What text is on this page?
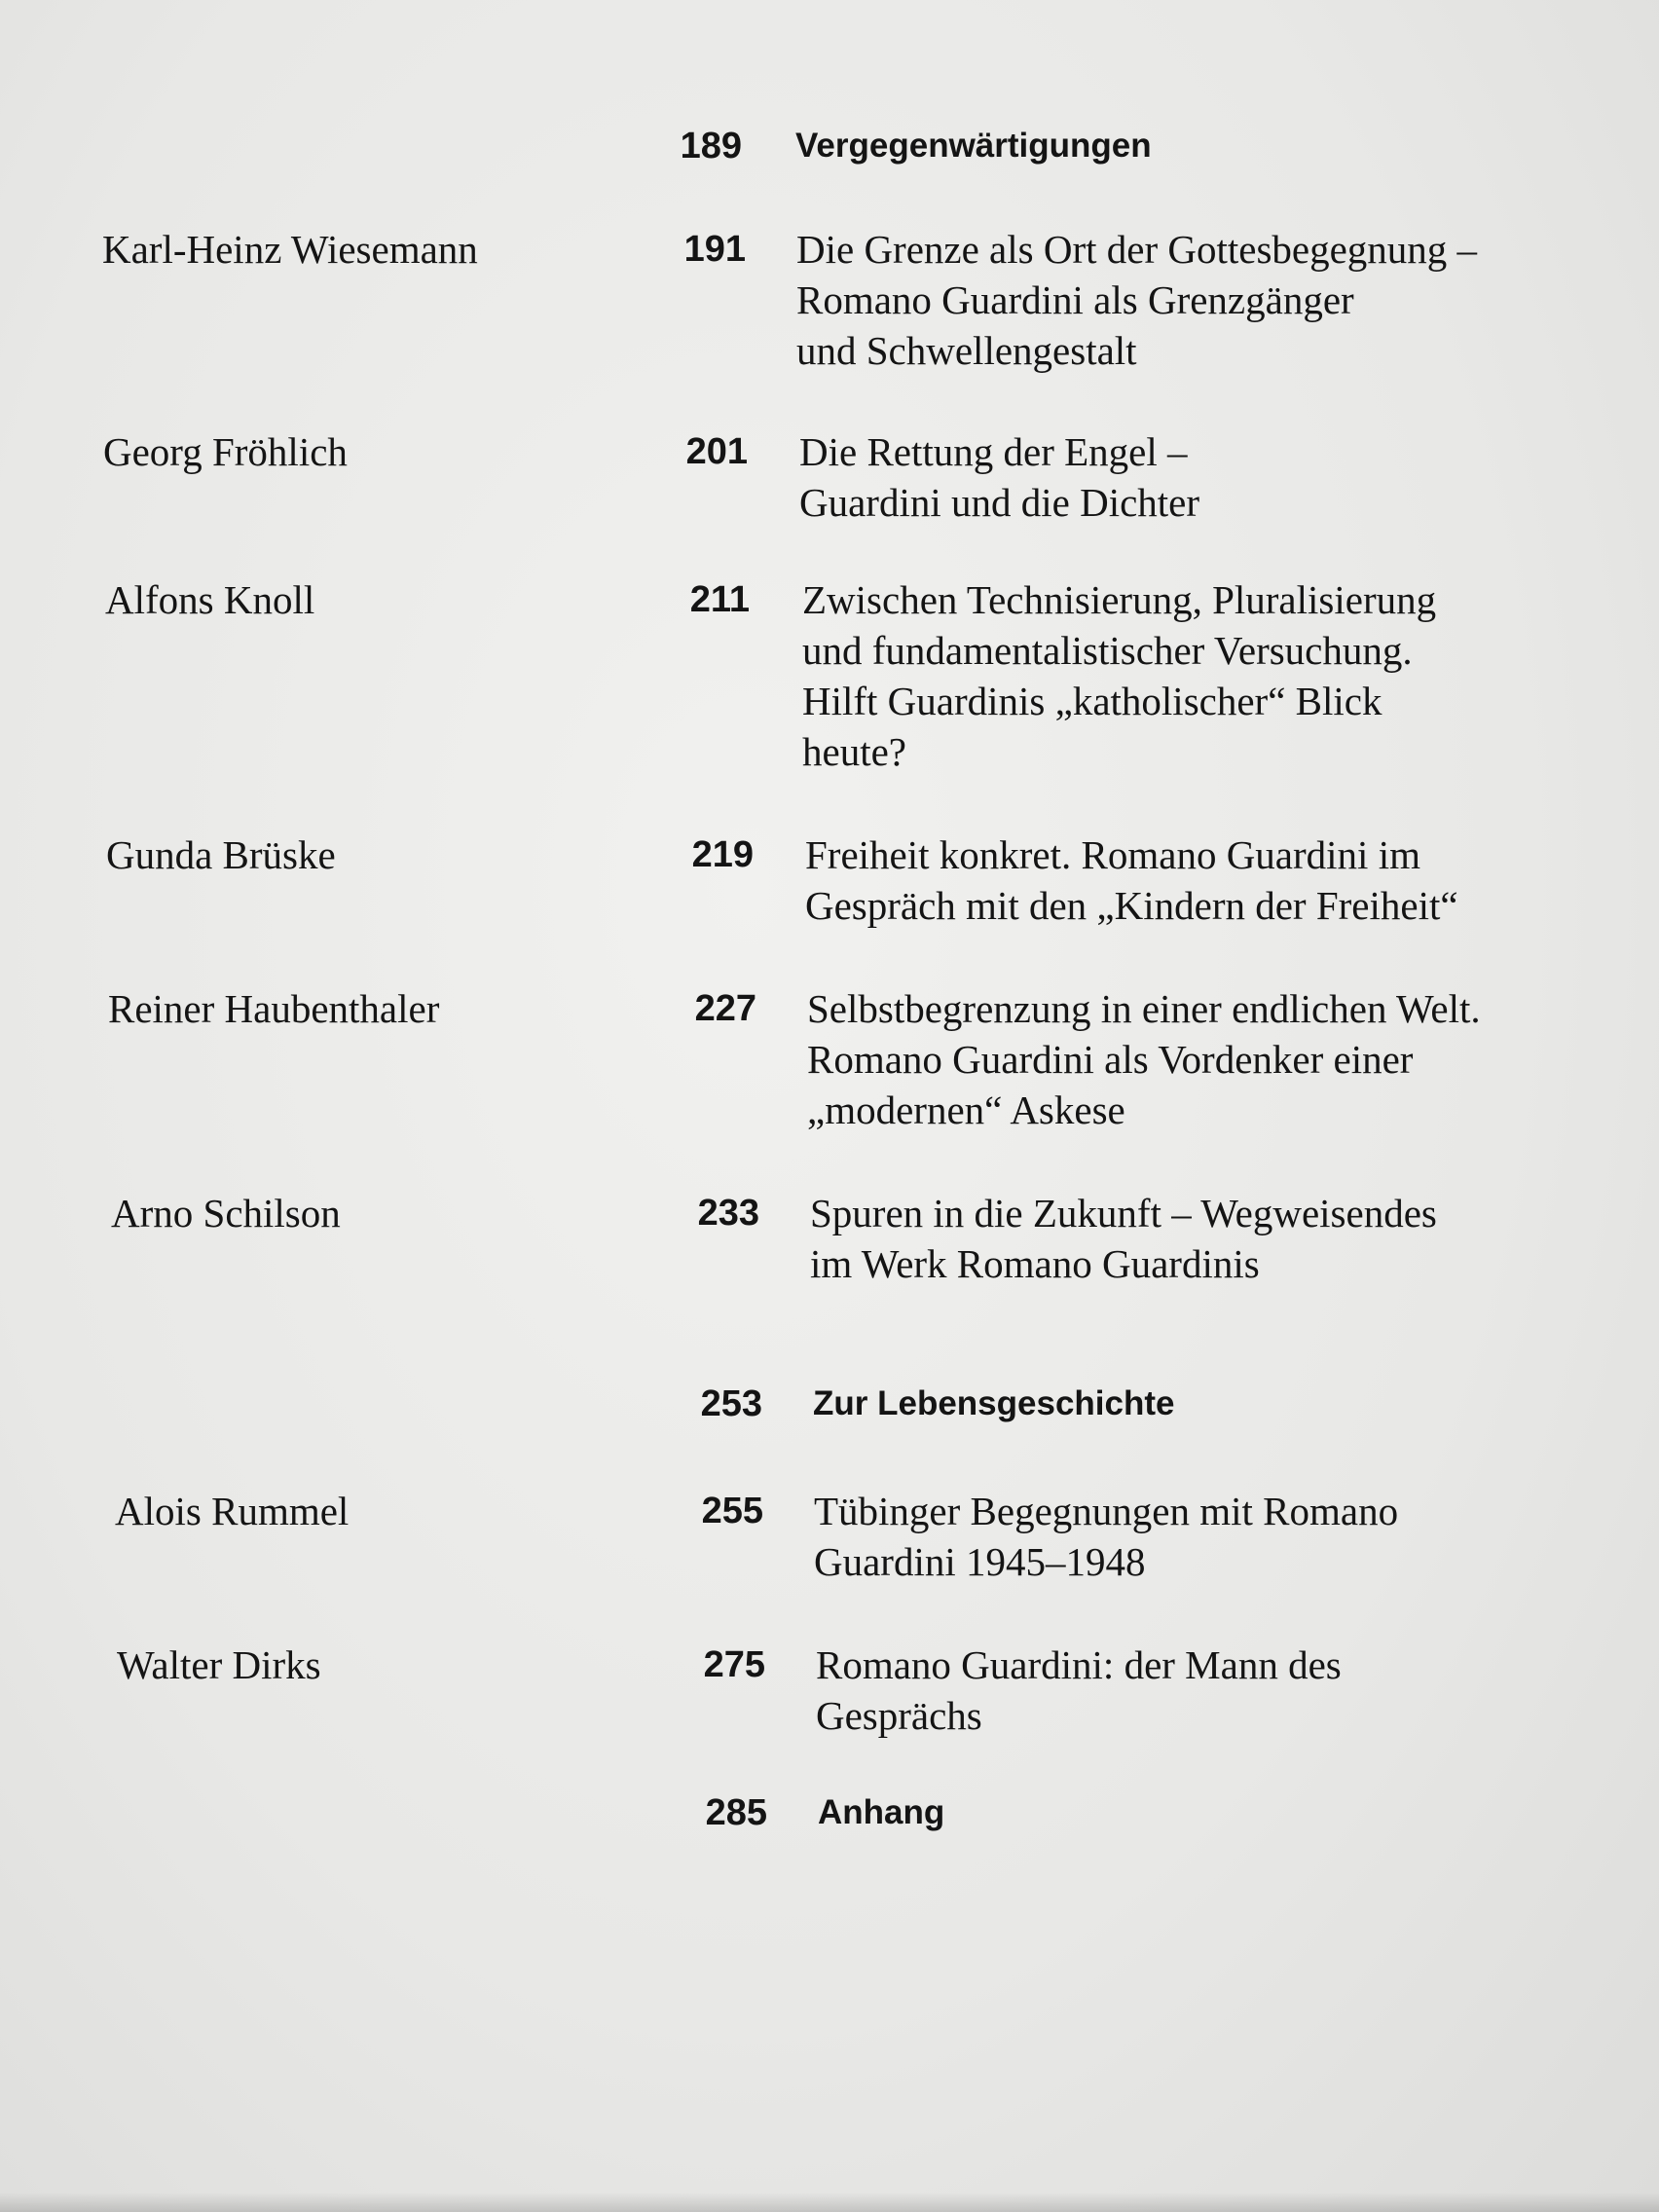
189 Vergegenwärtigungen
Karl-Heinz Wiesemann	191 Die Grenze als Ort der Gottesbegegnung –
Romano Guardini als Grenzgänger
und Schwellengestalt
Georg Fröhlich	201 Die Rettung der Engel –
Guardini und die Dichter
Alfons Knoll	211 Zwischen Technisierung, Pluralisierung
und fundamentalistischer Versuchung.
Hilft Guardinis „katholischer“ Blick
heute?
Gunda Brüske	219 Freiheit konkret. Romano Guardini im
Gespräch mit den „Kindern der Freiheit“
Reiner Haubenthaler	227 Selbstbegrenzung in einer endlichen Welt.
Romano Guardini als Vordenker einer
„modernen“ Askese
Arno Schilson	233 Spuren in die Zukunft – Wegweisendes
im Werk Romano Guardinis
253 Zur Lebensgeschichte
Alois Rummel	255 Tübinger Begegnungen mit Romano
Guardini 1945–1948
Walter Dirks	275 Romano Guardini: der Mann des
Gesprächs
285 Anhang
